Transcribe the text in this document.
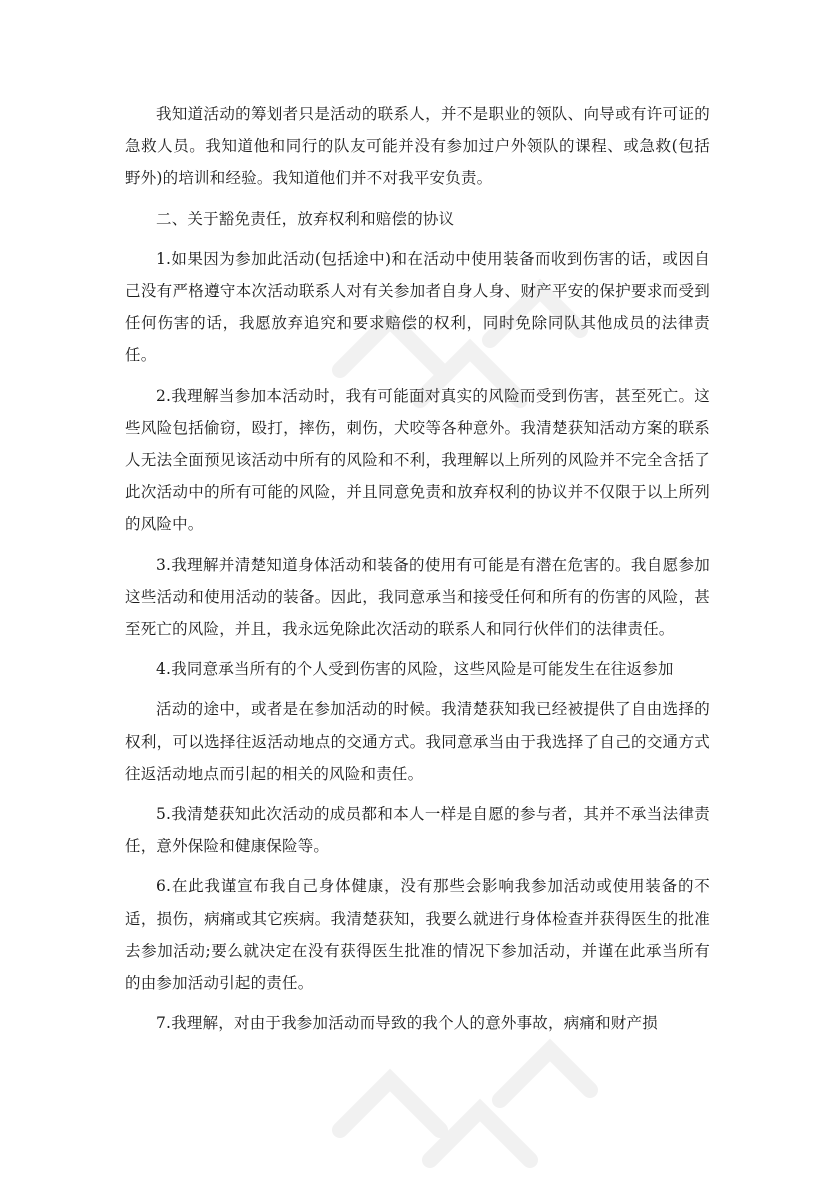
我知道活动的筹划者只是活动的联系人，并不是职业的领队、向导或有许可证的急救人员。我知道他和同行的队友可能并没有参加过户外领队的课程、或急救(包括野外)的培训和经验。我知道他们并不对我平安负责。

二、关于豁免责任，放弃权利和赔偿的协议

1.如果因为参加此活动(包括途中)和在活动中使用装备而收到伤害的话，或因自己没有严格遵守本次活动联系人对有关参加者自身人身、财产平安的保护要求而受到任何伤害的话，我愿放弃追究和要求赔偿的权利，同时免除同队其他成员的法律责任。

2.我理解当参加本活动时，我有可能面对真实的风险而受到伤害，甚至死亡。这些风险包括偷窃，殴打，摔伤，刺伤，犬咬等各种意外。我清楚获知活动方案的联系人无法全面预见该活动中所有的风险和不利，我理解以上所列的风险并不完全含括了此次活动中的所有可能的风险，并且同意免责和放弃权利的协议并不仅限于以上所列的风险中。

3.我理解并清楚知道身体活动和装备的使用有可能是有潜在危害的。我自愿参加这些活动和使用活动的装备。因此，我同意承当和接受任何和所有的伤害的风险，甚至死亡的风险，并且，我永远免除此次活动的联系人和同行伙伴们的法律责任。

4.我同意承当所有的个人受到伤害的风险，这些风险是可能发生在往返参加

活动的途中，或者是在参加活动的时候。我清楚获知我已经被提供了自由选择的权利，可以选择往返活动地点的交通方式。我同意承当由于我选择了自己的交通方式往返活动地点而引起的相关的风险和责任。

5.我清楚获知此次活动的成员都和本人一样是自愿的参与者，其并不承当法律责任，意外保险和健康保险等。

6.在此我谨宣布我自己身体健康，没有那些会影响我参加活动或使用装备的不适，损伤，病痛或其它疾病。我清楚获知，我要么就进行身体检查并获得医生的批准去参加活动;要么就决定在没有获得医生批准的情况下参加活动，并谨在此承当所有的由参加活动引起的责任。

7.我理解，对由于我参加活动而导致的我个人的意外事故，病痛和财产损
